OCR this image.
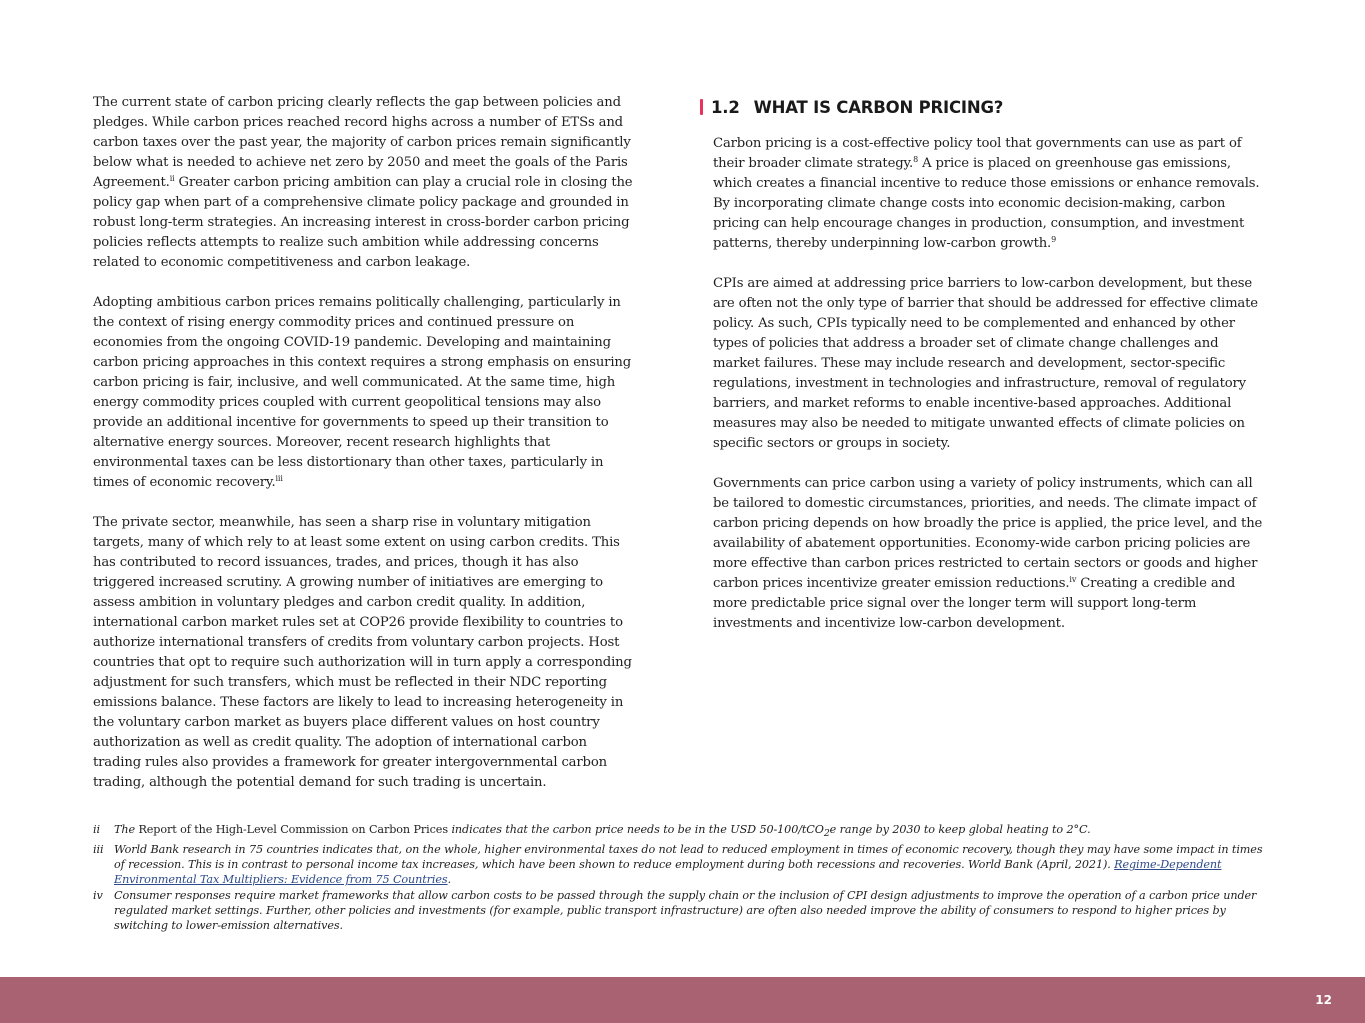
The current state of carbon pricing clearly reflects the gap between policies and pledges. While carbon prices reached record highs across a number of ETSs and carbon taxes over the past year, the majority of carbon prices remain significantly below what is needed to achieve net zero by 2050 and meet the goals of the Paris Agreement.$^{ii}$ Greater carbon pricing ambition can play a crucial role in closing the policy gap when part of a comprehensive climate policy package and grounded in robust long-term strategies. An increasing interest in cross-border carbon pricing policies reflects attempts to realize such ambition while addressing concerns related to economic competitiveness and carbon leakage.

Adopting ambitious carbon prices remains politically challenging, particularly in the context of rising energy commodity prices and continued pressure on economies from the ongoing COVID-19 pandemic. Developing and maintaining carbon pricing approaches in this context requires a strong emphasis on ensuring carbon pricing is fair, inclusive, and well communicated. At the same time, high energy commodity prices coupled with current geopolitical tensions may also provide an additional incentive for governments to speed up their transition to alternative energy sources. Moreover, recent research highlights that environmental taxes can be less distortionary than other taxes, particularly in times of economic recovery.$^{iii}$

The private sector, meanwhile, has seen a sharp rise in voluntary mitigation targets, many of which rely to at least some extent on using carbon credits. This has contributed to record issuances, trades, and prices, though it has also triggered increased scrutiny. A growing number of initiatives are emerging to assess ambition in voluntary pledges and carbon credit quality. In addition, international carbon market rules set at COP26 provide flexibility to countries to authorize international transfers of credits from voluntary carbon projects. Host countries that opt to require such authorization will in turn apply a corresponding adjustment for such transfers, which must be reflected in their NDC reporting emissions balance. These factors are likely to lead to increasing heterogeneity in the voluntary carbon market as buyers place different values on host country authorization as well as credit quality. The adoption of international carbon trading rules also provides a framework for greater intergovernmental carbon trading, although the potential demand for such trading is uncertain.

1.2 WHAT IS CARBON PRICING?

Carbon pricing is a cost-effective policy tool that governments can use as part of their broader climate strategy.$^8$ A price is placed on greenhouse gas emissions, which creates a financial incentive to reduce those emissions or enhance removals. By incorporating climate change costs into economic decision-making, carbon pricing can help encourage changes in production, consumption, and investment patterns, thereby underpinning low-carbon growth.$^9$

CPIs are aimed at addressing price barriers to low-carbon development, but these are often not the only type of barrier that should be addressed for effective climate policy. As such, CPIs typically need to be complemented and enhanced by other types of policies that address a broader set of climate change challenges and market failures. These may include research and development, sector-specific regulations, investment in technologies and infrastructure, removal of regulatory barriers, and market reforms to enable incentive-based approaches. Additional measures may also be needed to mitigate unwanted effects of climate policies on specific sectors or groups in society.

Governments can price carbon using a variety of policy instruments, which can all be tailored to domestic circumstances, priorities, and needs. The climate impact of carbon pricing depends on how broadly the price is applied, the price level, and the availability of abatement opportunities. Economy-wide carbon pricing policies are more effective than carbon prices restricted to certain sectors or goods and higher carbon prices incentivize greater emission reductions.$^{iv}$ Creating a credible and more predictable price signal over the longer term will support long-term investments and incentivize low-carbon development.

ii	The Report of the High-Level Commission on Carbon Prices indicates that the carbon price needs to be in the USD 50-100/tCO$_2$e range by 2030 to keep global heating to 2°C.
iii World Bank research in 75 countries indicates that, on the whole, higher environmental taxes do not lead to reduced employment in times of economic recovery, though they may have some impact in times of recession. This is in contrast to personal income tax increases, which have been shown to reduce employment during both recessions and recoveries. World Bank (April, 2021). Regime-Dependent Environmental Tax Multipliers: Evidence from 75 Countries.
iv	Consumer responses require market frameworks that allow carbon costs to be passed through the supply chain or the inclusion of CPI design adjustments to improve the operation of a carbon price under regulated market settings. Further, other policies and investments (for example, public transport infrastructure) are often also needed improve the ability of consumers to respond to higher prices by switching to lower-emission alternatives.
12
